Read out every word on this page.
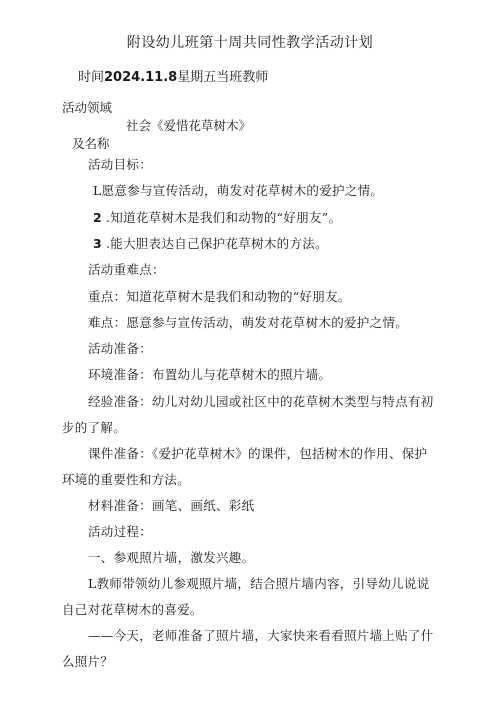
附设幼儿班第十周共同性教学活动计划
时间2024.11.8星期五当班教师
活动领域
社会《爱惜花草树木》
及名称
活动目标：
L愿意参与宣传活动，萌发对花草树木的爱护之情。
2 .知道花草树木是我们和动物的“好朋友”。
3 .能大胆表达自己保护花草树木的方法。
活动重难点：
重点：知道花草树木是我们和动物的“好朋友。
难点：愿意参与宣传活动，萌发对花草树木的爱护之情。
活动准备：
环境准备：布置幼儿与花草树木的照片墙。
经验准备：幼儿对幼儿园或社区中的花草树木类型与特点有初
步的了解。
课件准备：《爱护花草树木》的课件，包括树木的作用、保护
环境的重要性和方法。
材料准备：画笔、画纸、彩纸
活动过程：
一、参观照片墙，激发兴趣。
L教师带领幼儿参观照片墙，结合照片墙内容，引导幼儿说说
自己对花草树木的喜爱。
——今天，老师准备了照片墙，大家快来看看照片墙上贴了什
么照片？
